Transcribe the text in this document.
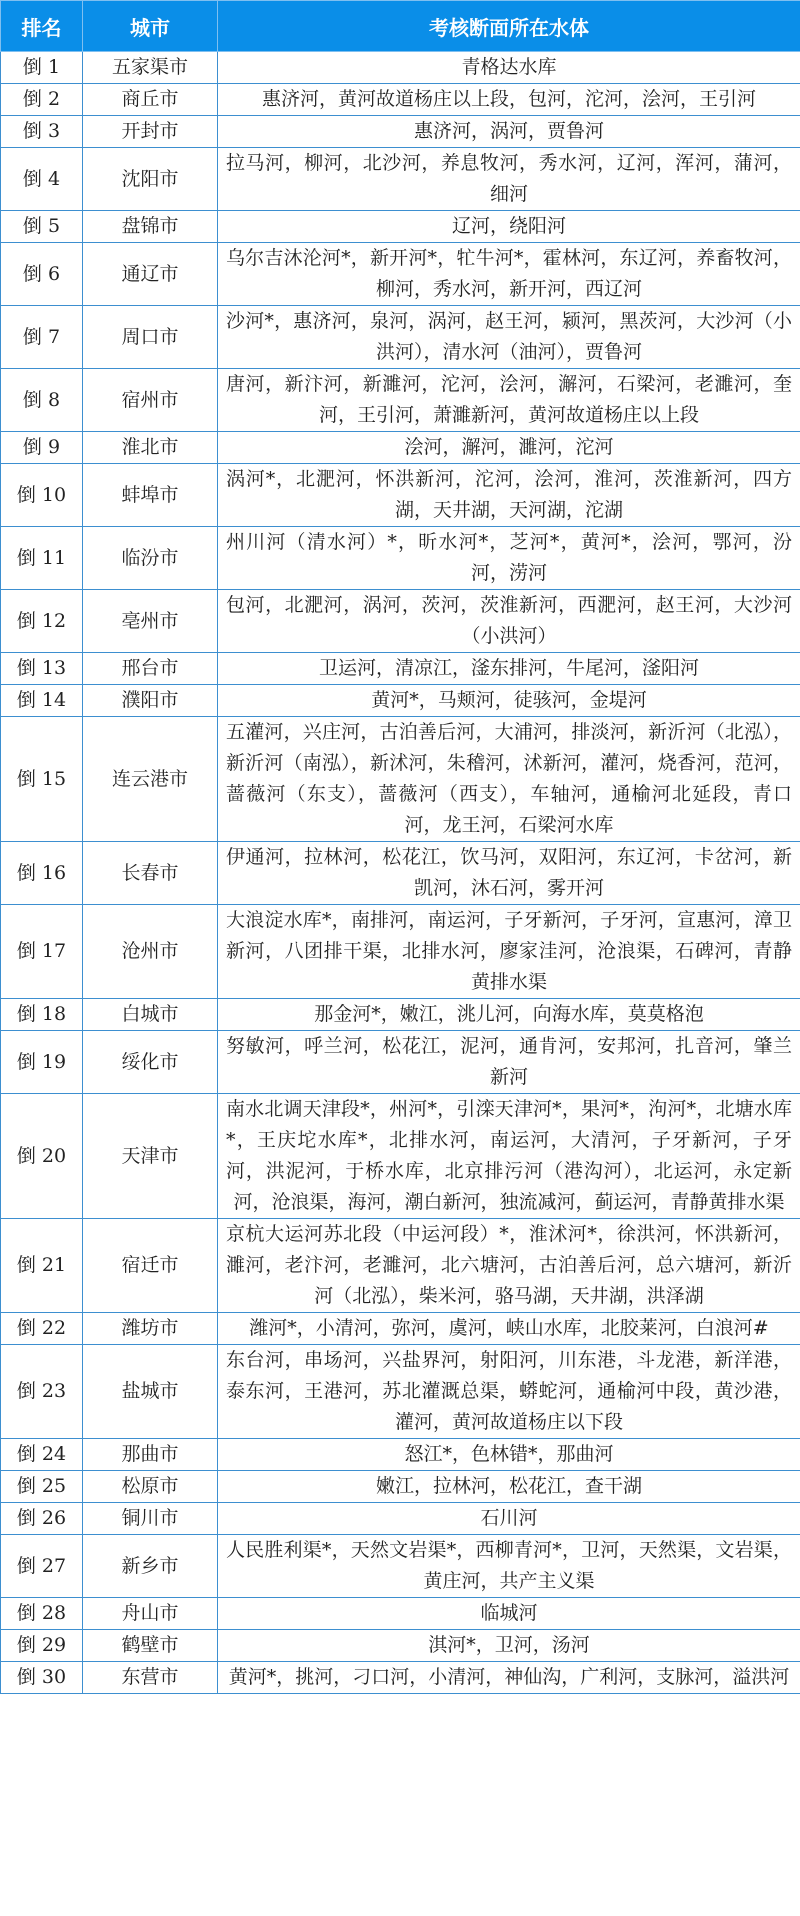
排名	城市	考核断面所在水体
倒 1	五家渠市	青格达水库
倒 2	商丘市	惠济河，黄河故道杨庄以上段，包河，沱河，浍河，王引河
倒 3	开封市	惠济河，涡河，贾鲁河
倒 4	沈阳市	拉马河，柳河，北沙河，养息牧河，秀水河，辽河，浑河，蒲河，细河
倒 5	盘锦市	辽河，绕阳河
倒 6	通辽市	乌尔吉沐沦河*，新开河*，牤牛河*，霍林河，东辽河，养畜牧河，柳河，秀水河，新开河，西辽河
倒 7	周口市	沙河*，惠济河，泉河，涡河，赵王河，颍河，黑茨河，大沙河（小洪河），清水河（油河），贾鲁河
倒 8	宿州市	唐河，新汴河，新濉河，沱河，浍河，澥河，石梁河，老濉河，奎河，王引河，萧濉新河，黄河故道杨庄以上段
倒 9	淮北市	浍河，澥河，濉河，沱河
倒 10	蚌埠市	涡河*，北淝河，怀洪新河，沱河，浍河，淮河，茨淮新河，四方湖，天井湖，天河湖，沱湖
倒 11	临汾市	州川河（清水河）*，昕水河*，芝河*，黄河*，浍河，鄂河，汾河，涝河
倒 12	亳州市	包河，北淝河，涡河，茨河，茨淮新河，西淝河，赵王河，大沙河（小洪河）
倒 13	邢台市	卫运河，清凉江，滏东排河，牛尾河，滏阳河
倒 14	濮阳市	黄河*，马颊河，徒骇河，金堤河
倒 15	连云港市	五灌河，兴庄河，古泊善后河，大浦河，排淡河，新沂河（北泓），新沂河（南泓），新沭河，朱稽河，沭新河，灌河，烧香河，范河，蔷薇河（东支），蔷薇河（西支），车轴河，通榆河北延段，青口河，龙王河，石梁河水库
倒 16	长春市	伊通河，拉林河，松花江，饮马河，双阳河，东辽河，卡岔河，新凯河，沐石河，雾开河
倒 17	沧州市	大浪淀水库*，南排河，南运河，子牙新河，子牙河，宣惠河，漳卫新河，八团排干渠，北排水河，廖家洼河，沧浪渠，石碑河，青静黄排水渠
倒 18	白城市	那金河*，嫩江，洮儿河，向海水库，莫莫格泡
倒 19	绥化市	努敏河，呼兰河，松花江，泥河，通肯河，安邦河，扎音河，肇兰新河
倒 20	天津市	南水北调天津段*，州河*，引滦天津河*，果河*，泃河*，北塘水库*，王庆坨水库*，北排水河，南运河，大清河，子牙新河，子牙河，洪泥河，于桥水库，北京排污河（港沟河），北运河，永定新河，沧浪渠，海河，潮白新河，独流减河，蓟运河，青静黄排水渠
倒 21	宿迁市	京杭大运河苏北段（中运河段）*，淮沭河*，徐洪河，怀洪新河，濉河，老汴河，老濉河，北六塘河，古泊善后河，总六塘河，新沂河（北泓），柴米河，骆马湖，天井湖，洪泽湖
倒 22	潍坊市	潍河*，小清河，弥河，虞河，峡山水库，北胶莱河，白浪河#
倒 23	盐城市	东台河，串场河，兴盐界河，射阳河，川东港，斗龙港，新洋港，泰东河，王港河，苏北灌溉总渠，蟒蛇河，通榆河中段，黄沙港，灌河，黄河故道杨庄以下段
倒 24	那曲市	怒江*，色林错*，那曲河
倒 25	松原市	嫩江，拉林河，松花江，查干湖
倒 26	铜川市	石川河
倒 27	新乡市	人民胜利渠*，天然文岩渠*，西柳青河*，卫河，天然渠，文岩渠，黄庄河，共产主义渠
倒 28	舟山市	临城河
倒 29	鹤壁市	淇河*，卫河，汤河
倒 30	东营市	黄河*，挑河，刁口河，小清河，神仙沟，广利河，支脉河，溢洪河
